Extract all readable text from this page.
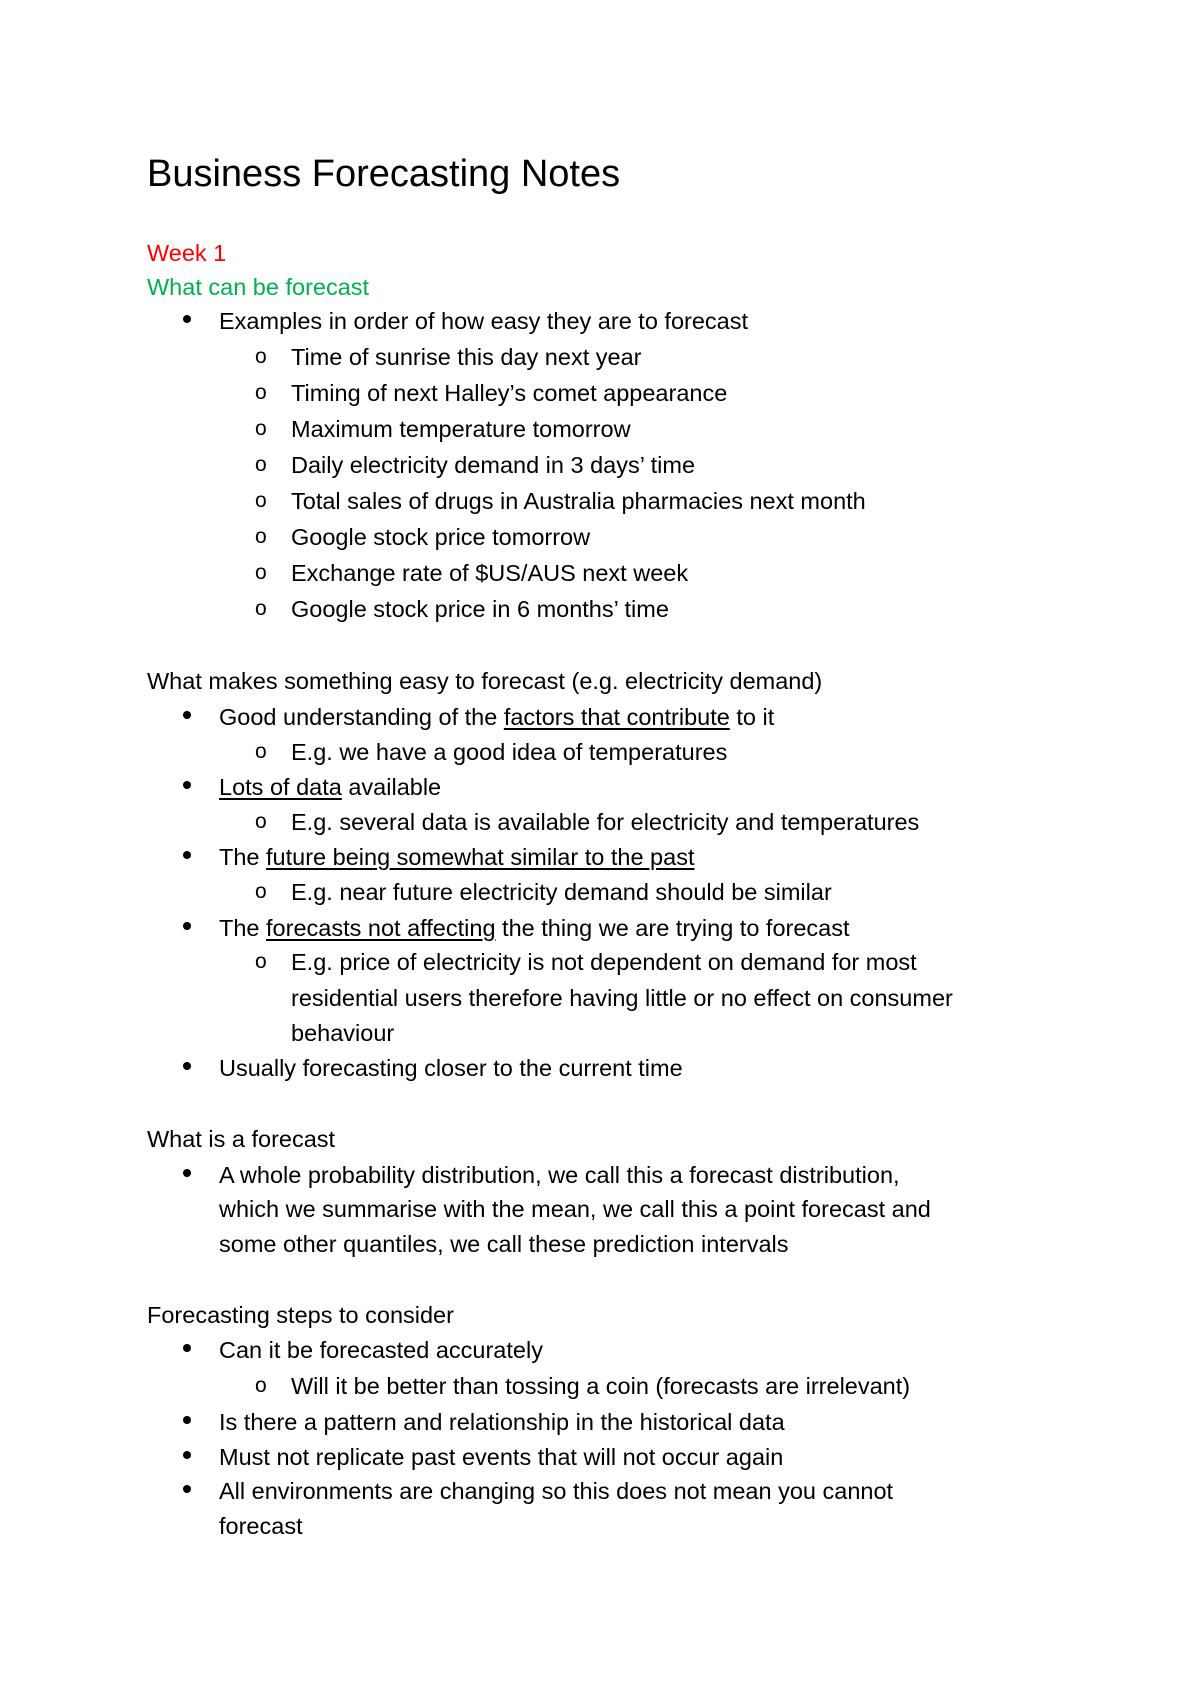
Business Forecasting Notes
Week 1
What can be forecast
Examples in order of how easy they are to forecast
o Time of sunrise this day next year
o Timing of next Halley’s comet appearance
o Maximum temperature tomorrow
o Daily electricity demand in 3 days’ time
o Total sales of drugs in Australia pharmacies next month
o Google stock price tomorrow
o Exchange rate of $US/AUS next week
o Google stock price in 6 months’ time
What makes something easy to forecast (e.g. electricity demand)
Good understanding of the factors that contribute to it
o E.g. we have a good idea of temperatures
Lots of data available
o E.g. several data is available for electricity and temperatures
The future being somewhat similar to the past
o E.g. near future electricity demand should be similar
The forecasts not affecting the thing we are trying to forecast
o E.g. price of electricity is not dependent on demand for most
residential users therefore having little or no effect on consumer
behaviour
Usually forecasting closer to the current time
What is a forecast
A whole probability distribution, we call this a forecast distribution,
which we summarise with the mean, we call this a point forecast and
some other quantiles, we call these prediction intervals
Forecasting steps to consider
Can it be forecasted accurately
o Will it be better than tossing a coin (forecasts are irrelevant)
Is there a pattern and relationship in the historical data
Must not replicate past events that will not occur again
All environments are changing so this does not mean you cannot
forecast
